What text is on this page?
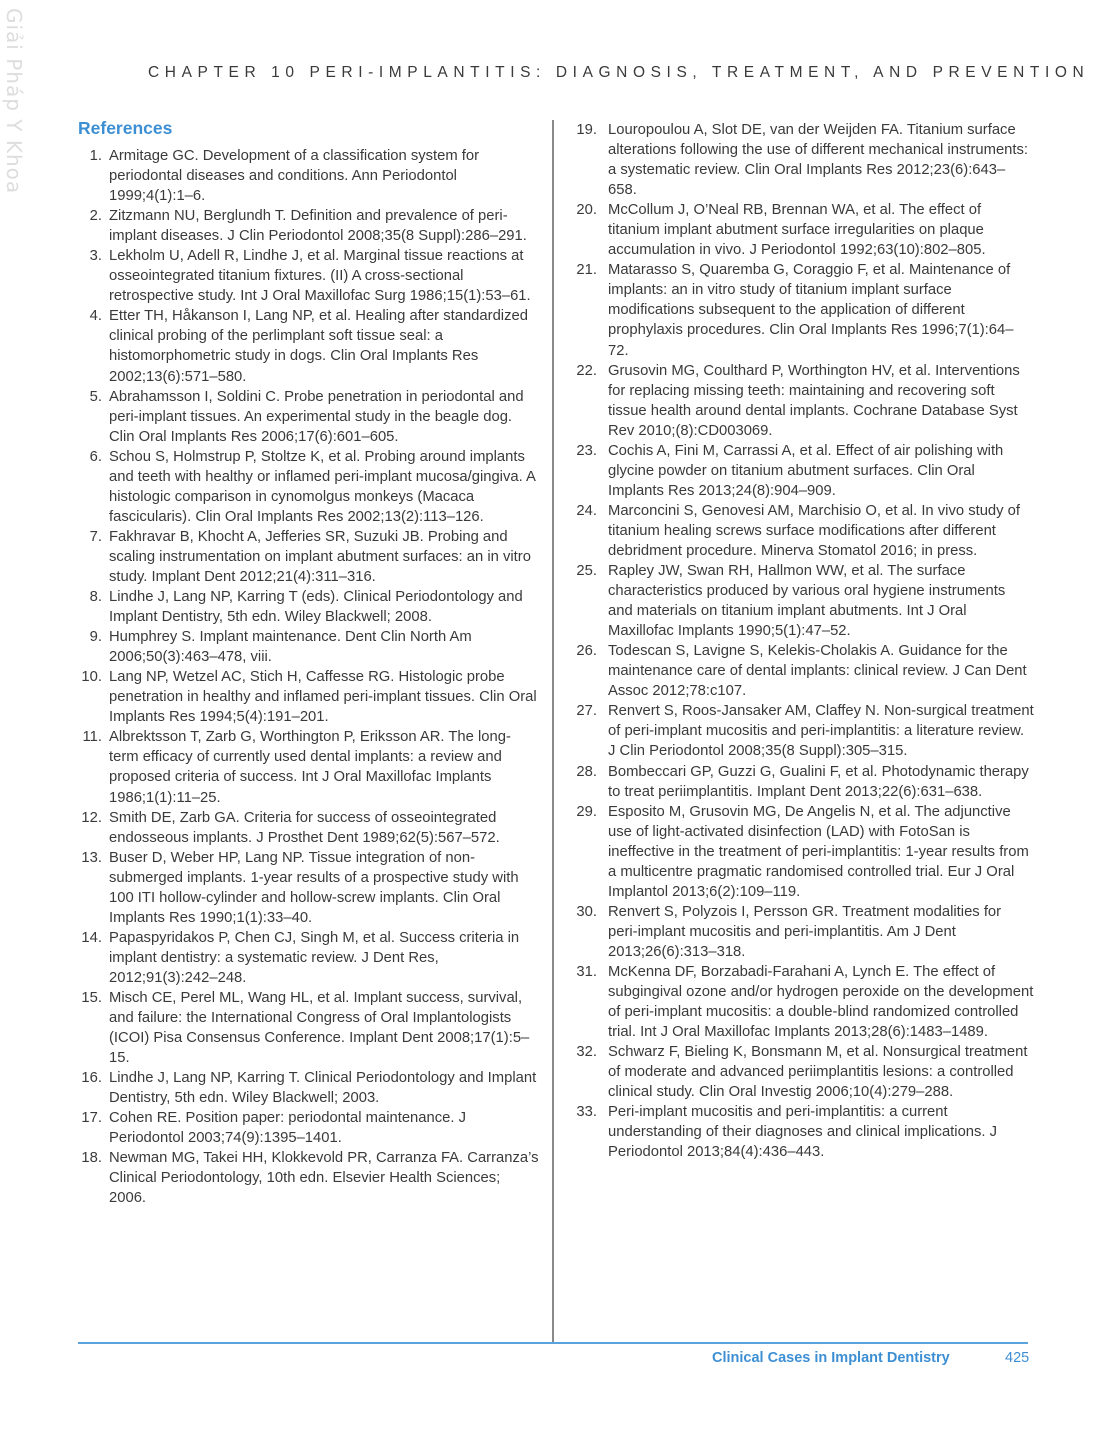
Giải Pháp Y Khoa	CHAPTER 10 PERI-IMPLANTITIS: DIAGNOSIS, TREATMENT, AND PREVENTION
References
1. Armitage GC. Development of a classification system for periodontal diseases and conditions. Ann Periodontol 1999;4(1):1–6.
2. Zitzmann NU, Berglundh T. Definition and prevalence of peri-implant diseases. J Clin Periodontol 2008;35(8 Suppl):286–291.
3. Lekholm U, Adell R, Lindhe J, et al. Marginal tissue reactions at osseointegrated titanium fixtures. (II) A cross-sectional retrospective study. Int J Oral Maxillofac Surg 1986;15(1):53–61.
4. Etter TH, Håkanson I, Lang NP, et al. Healing after standardized clinical probing of the perlimplant soft tissue seal: a histomorphometric study in dogs. Clin Oral Implants Res 2002;13(6):571–580.
5. Abrahamsson I, Soldini C. Probe penetration in periodontal and peri-implant tissues. An experimental study in the beagle dog. Clin Oral Implants Res 2006;17(6):601–605.
6. Schou S, Holmstrup P, Stoltze K, et al. Probing around implants and teeth with healthy or inflamed peri-implant mucosa/gingiva. A histologic comparison in cynomolgus monkeys (Macaca fascicularis). Clin Oral Implants Res 2002;13(2):113–126.
7. Fakhravar B, Khocht A, Jefferies SR, Suzuki JB. Probing and scaling instrumentation on implant abutment surfaces: an in vitro study. Implant Dent 2012;21(4):311–316.
8. Lindhe J, Lang NP, Karring T (eds). Clinical Periodontology and Implant Dentistry, 5th edn. Wiley Blackwell; 2008.
9. Humphrey S. Implant maintenance. Dent Clin North Am 2006;50(3):463–478, viii.
10. Lang NP, Wetzel AC, Stich H, Caffesse RG. Histologic probe penetration in healthy and inflamed peri-implant tissues. Clin Oral Implants Res 1994;5(4):191–201.
11. Albrektsson T, Zarb G, Worthington P, Eriksson AR. The long-term efficacy of currently used dental implants: a review and proposed criteria of success. Int J Oral Maxillofac Implants 1986;1(1):11–25.
12. Smith DE, Zarb GA. Criteria for success of osseointegrated endosseous implants. J Prosthet Dent 1989;62(5):567–572.
13. Buser D, Weber HP, Lang NP. Tissue integration of non-submerged implants. 1-year results of a prospective study with 100 ITI hollow-cylinder and hollow-screw implants. Clin Oral Implants Res 1990;1(1):33–40.
14. Papaspyridakos P, Chen CJ, Singh M, et al. Success criteria in implant dentistry: a systematic review. J Dent Res, 2012;91(3):242–248.
15. Misch CE, Perel ML, Wang HL, et al. Implant success, survival, and failure: the International Congress of Oral Implantologists (ICOI) Pisa Consensus Conference. Implant Dent 2008;17(1):5–15.
16. Lindhe J, Lang NP, Karring T. Clinical Periodontology and Implant Dentistry, 5th edn. Wiley Blackwell; 2003.
17. Cohen RE. Position paper: periodontal maintenance. J Periodontol 2003;74(9):1395–1401.
18. Newman MG, Takei HH, Klokkevold PR, Carranza FA. Carranza’s Clinical Periodontology, 10th edn. Elsevier Health Sciences; 2006.
19. Louropoulou A, Slot DE, van der Weijden FA. Titanium surface alterations following the use of different mechanical instruments: a systematic review. Clin Oral Implants Res 2012;23(6):643–658.
20. McCollum J, O’Neal RB, Brennan WA, et al. The effect of titanium implant abutment surface irregularities on plaque accumulation in vivo. J Periodontol 1992;63(10):802–805.
21. Matarasso S, Quaremba G, Coraggio F, et al. Maintenance of implants: an in vitro study of titanium implant surface modifications subsequent to the application of different prophylaxis procedures. Clin Oral Implants Res 1996;7(1):64–72.
22. Grusovin MG, Coulthard P, Worthington HV, et al. Interventions for replacing missing teeth: maintaining and recovering soft tissue health around dental implants. Cochrane Database Syst Rev 2010;(8):CD003069.
23. Cochis A, Fini M, Carrassi A, et al. Effect of air polishing with glycine powder on titanium abutment surfaces. Clin Oral Implants Res 2013;24(8):904–909.
24. Marconcini S, Genovesi AM, Marchisio O, et al. In vivo study of titanium healing screws surface modifications after different debridment procedure. Minerva Stomatol 2016; in press.
25. Rapley JW, Swan RH, Hallmon WW, et al. The surface characteristics produced by various oral hygiene instruments and materials on titanium implant abutments. Int J Oral Maxillofac Implants 1990;5(1):47–52.
26. Todescan S, Lavigne S, Kelekis-Cholakis A. Guidance for the maintenance care of dental implants: clinical review. J Can Dent Assoc 2012;78:c107.
27. Renvert S, Roos-Jansaker AM, Claffey N. Non-surgical treatment of peri-implant mucositis and peri-implantitis: a literature review. J Clin Periodontol 2008;35(8 Suppl):305–315.
28. Bombeccari GP, Guzzi G, Gualini F, et al. Photodynamic therapy to treat periimplantitis. Implant Dent 2013;22(6):631–638.
29. Esposito M, Grusovin MG, De Angelis N, et al. The adjunctive use of light-activated disinfection (LAD) with FotoSan is ineffective in the treatment of peri-implantitis: 1-year results from a multicentre pragmatic randomised controlled trial. Eur J Oral Implantol 2013;6(2):109–119.
30. Renvert S, Polyzois I, Persson GR. Treatment modalities for peri-implant mucositis and peri-implantitis. Am J Dent 2013;26(6):313–318.
31. McKenna DF, Borzabadi-Farahani A, Lynch E. The effect of subgingival ozone and/or hydrogen peroxide on the development of peri-implant mucositis: a double-blind randomized controlled trial. Int J Oral Maxillofac Implants 2013;28(6):1483–1489.
32. Schwarz F, Bieling K, Bonsmann M, et al. Nonsurgical treatment of moderate and advanced periimplantitis lesions: a controlled clinical study. Clin Oral Investig 2006;10(4):279–288.
33. Peri-implant mucositis and peri-implantitis: a current understanding of their diagnoses and clinical implications. J Periodontol 2013;84(4):436–443.
Clinical Cases in Implant Dentistry	425
